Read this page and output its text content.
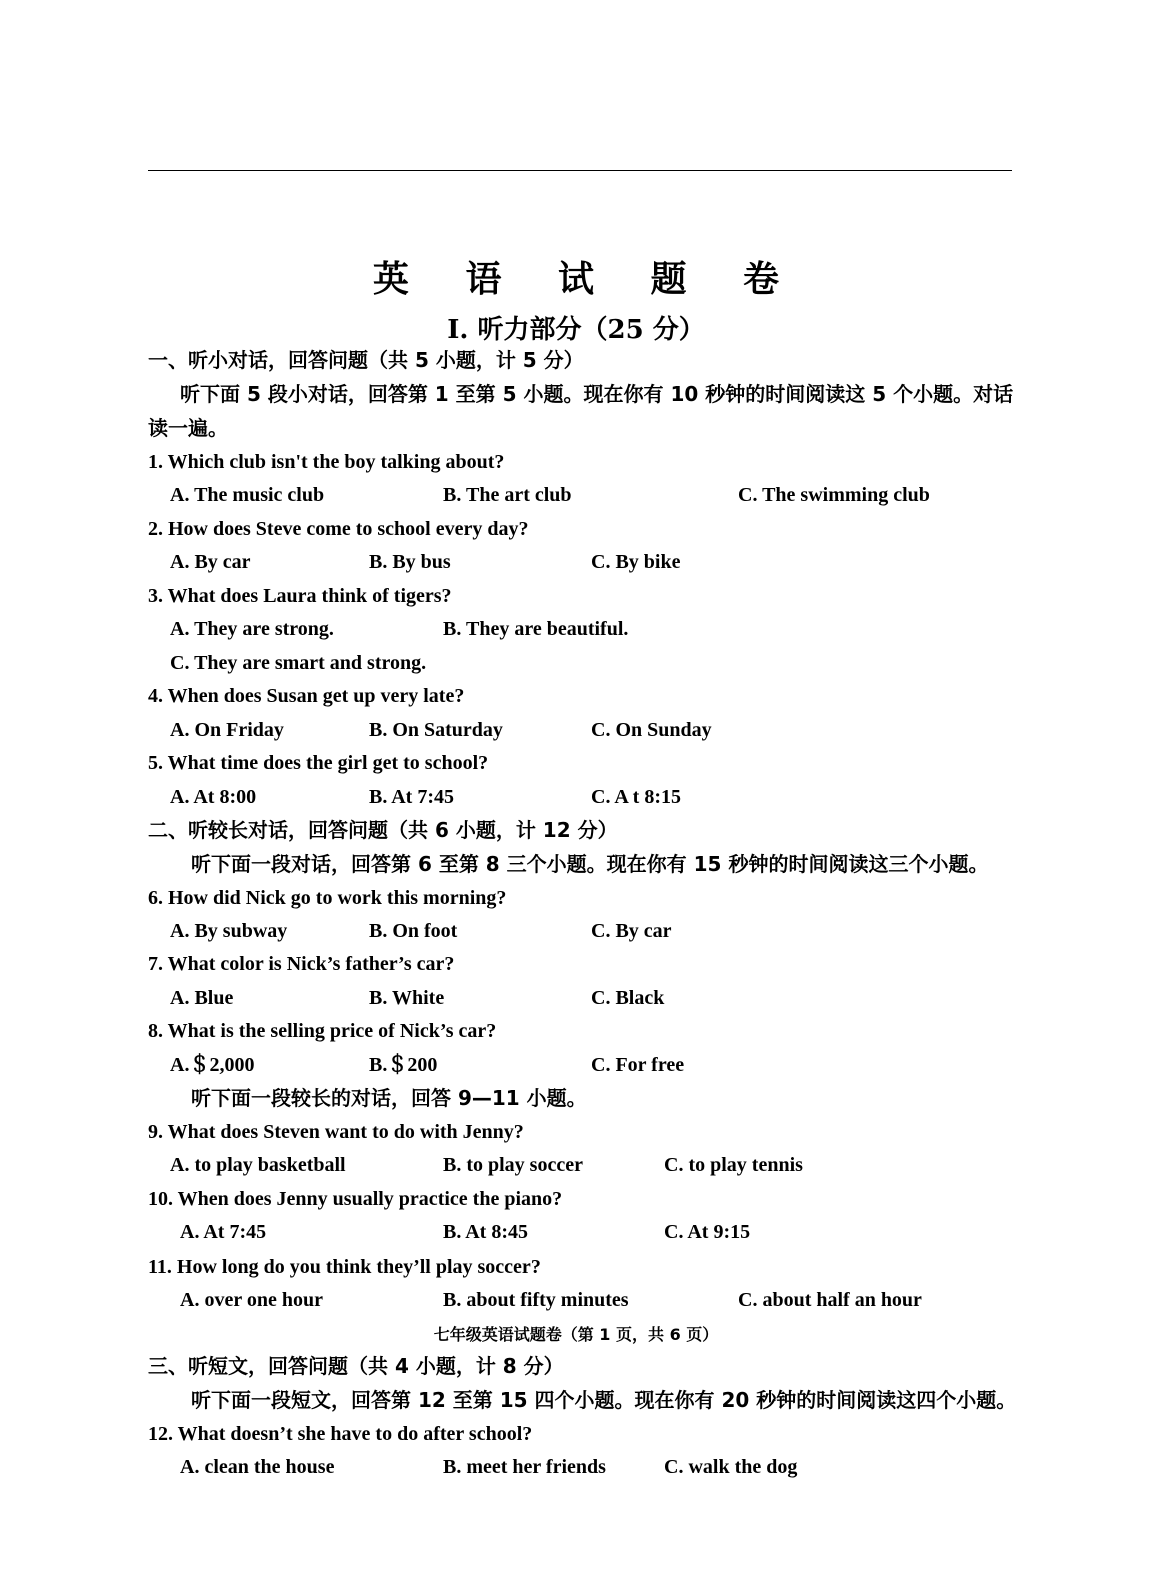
英 语 试 题 卷
Ⅰ. 听力部分（25 分）
一、听小对话，回答问题（共 5 小题，计 5 分）
听下面 5 段小对话，回答第 1 至第 5 小题。现在你有 10 秒钟的时间阅读这 5 个小题。对话
读一遍。
1. Which club isn't the boy talking about?
A. The music club	B. The art club	C. The swimming club
2. How does Steve come to school every day?
A. By car	B. By bus	C. By bike
3. What does Laura think of tigers?
A. They are strong.	B. They are beautiful.
C. They are smart and strong.
4. When does Susan get up very late?
A. On Friday	B. On Saturday	C. On Sunday
5. What time does the girl get to school?
A. At 8:00	B. At 7:45	C. A t 8:15
二、听较长对话，回答问题（共 6 小题，计 12 分）
听下面一段对话，回答第 6 至第 8 三个小题。现在你有 15 秒钟的时间阅读这三个小题。
6. How did Nick go to work this morning?
A. By subway	B. On foot	C. By car
7. What color is Nick’s father’s car?
A. Blue	B. White	C. Black
8. What is the selling price of Nick’s car?
A.＄2,000	B.＄200	C. For free
听下面一段较长的对话，回答 9—11 小题。
9. What does Steven want to do with Jenny?
A. to play basketball	B. to play soccer	C. to play tennis
10. When does Jenny usually practice the piano?
A. At 7:45	B. At 8:45	C. At 9:15
11. How long do you think they’ll play soccer?
A. over one hour	B. about fifty minutes	C. about half an hour
七年级英语试题卷（第 1 页，共 6 页）
三、听短文，回答问题（共 4 小题，计 8 分）
听下面一段短文，回答第 12 至第 15 四个小题。现在你有 20 秒钟的时间阅读这四个小题。
12. What doesn’t she have to do after school?
A. clean the house	B. meet her friends	C. walk the dog
